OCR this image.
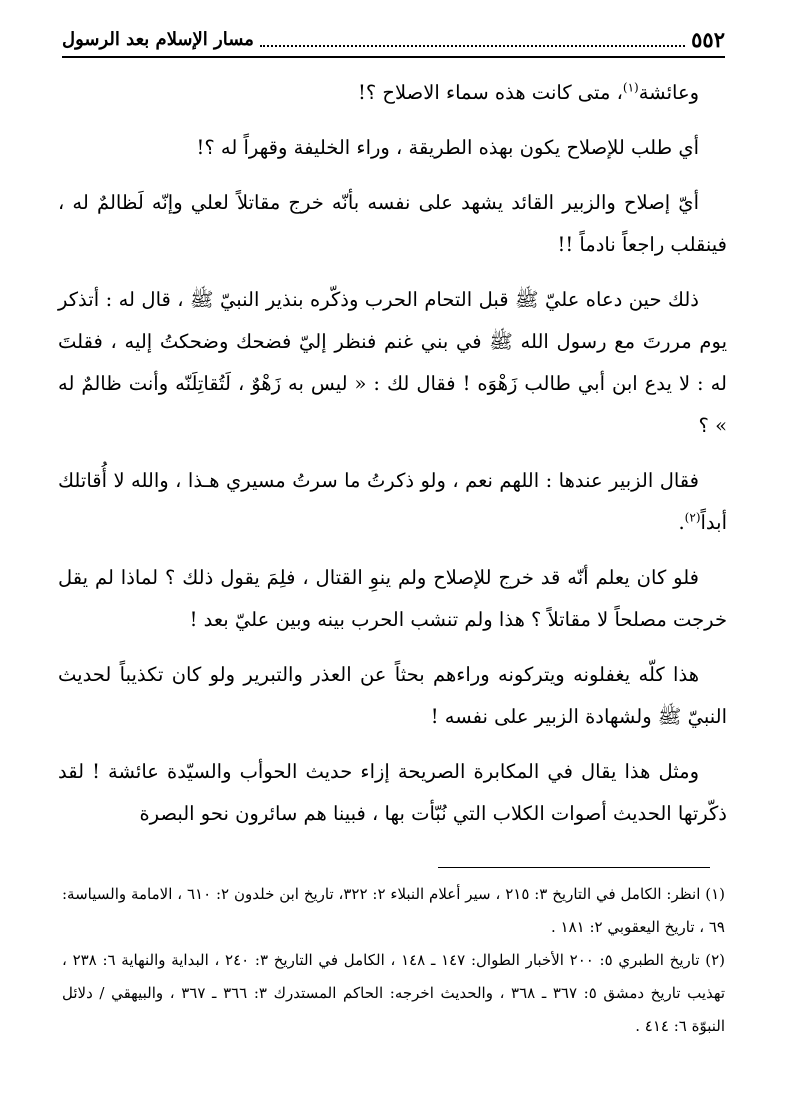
٥٥٢
مسار الإسلام بعد الرسول

وعائشة$^{(١)}$، متى كانت هذه سماء الاصلاح ؟!

أي طلب للإصلاح يكون بهذه الطريقة ، وراء الخليفة وقهراً له ؟!

أيّ إصلاح والزبير القائد يشهد على نفسه بأنّه خرج مقاتلاً لعلي وإنّه لَظالمٌ له ، فينقلب راجعاً نادماً !!

ذلك حين دعاه عليّ ﷺ قبل التحام الحرب وذكّره بنذير النبيّ ﷺ ، قال له : أتذكر يوم مررتَ مع رسول الله ﷺ في بني غنم فنظر إليّ فضحك وضحكتُ إليه ، فقلتَ له : لا يدع ابن أبي طالب زَهْوَه ! فقال لك : « ليس به زَهْوٌ ، لَتُقاتِلَنّه وأنت ظالمٌ له » ؟

فقال الزبير عندها : اللهم نعم ، ولو ذكرتُ ما سرتُ مسيري هـذا ، والله لا أُقاتلك أبداً$^{(٢)}$.

فلو كان يعلم أنّه قد خرج للإصلاح ولم ينوِ القتال ، فلِمَ يقول ذلك ؟ لماذا لم يقل خرجت مصلحاً لا مقاتلاً ؟ هذا ولم تنشب الحرب بينه وبين عليّ بعد !

هذا كلّه يغفلونه ويتركونه وراءهم بحثاً عن العذر والتبرير ولو كان تكذيباً لحديث النبيّ ﷺ ولشهادة الزبير على نفسه !

ومثل هذا يقال في المكابرة الصريحة إزاء حديث الحوأب والسيّدة عائشة ! لقد ذكّرتها الحديث أصوات الكلاب التي نُبّأت بها ، فبينا هم سائرون نحو البصرة

(١) انظر: الكامل في التاريخ ٣: ٢١٥ ، سير أعلام النبلاء ٢: ٣٢٢، تاريخ ابن خلدون ٢: ٦١٠ ، الامامة والسياسة: ٦٩ ، تاريخ اليعقوبي ٢: ١٨١ .

(٢) تاريخ الطبري ٥: ٢٠٠ الأخبار الطوال: ١٤٧ ـ ١٤٨ ، الكامل في التاريخ ٣: ٢٤٠ ، البداية والنهاية ٦: ٢٣٨ ، تهذيب تاريخ دمشق ٥: ٣٦٧ ـ ٣٦٨ ، والحديث اخرجه: الحاكم المستدرك ٣: ٣٦٦ ـ ٣٦٧ ، والبيهقي / دلائل النبوّة ٦: ٤١٤ .
